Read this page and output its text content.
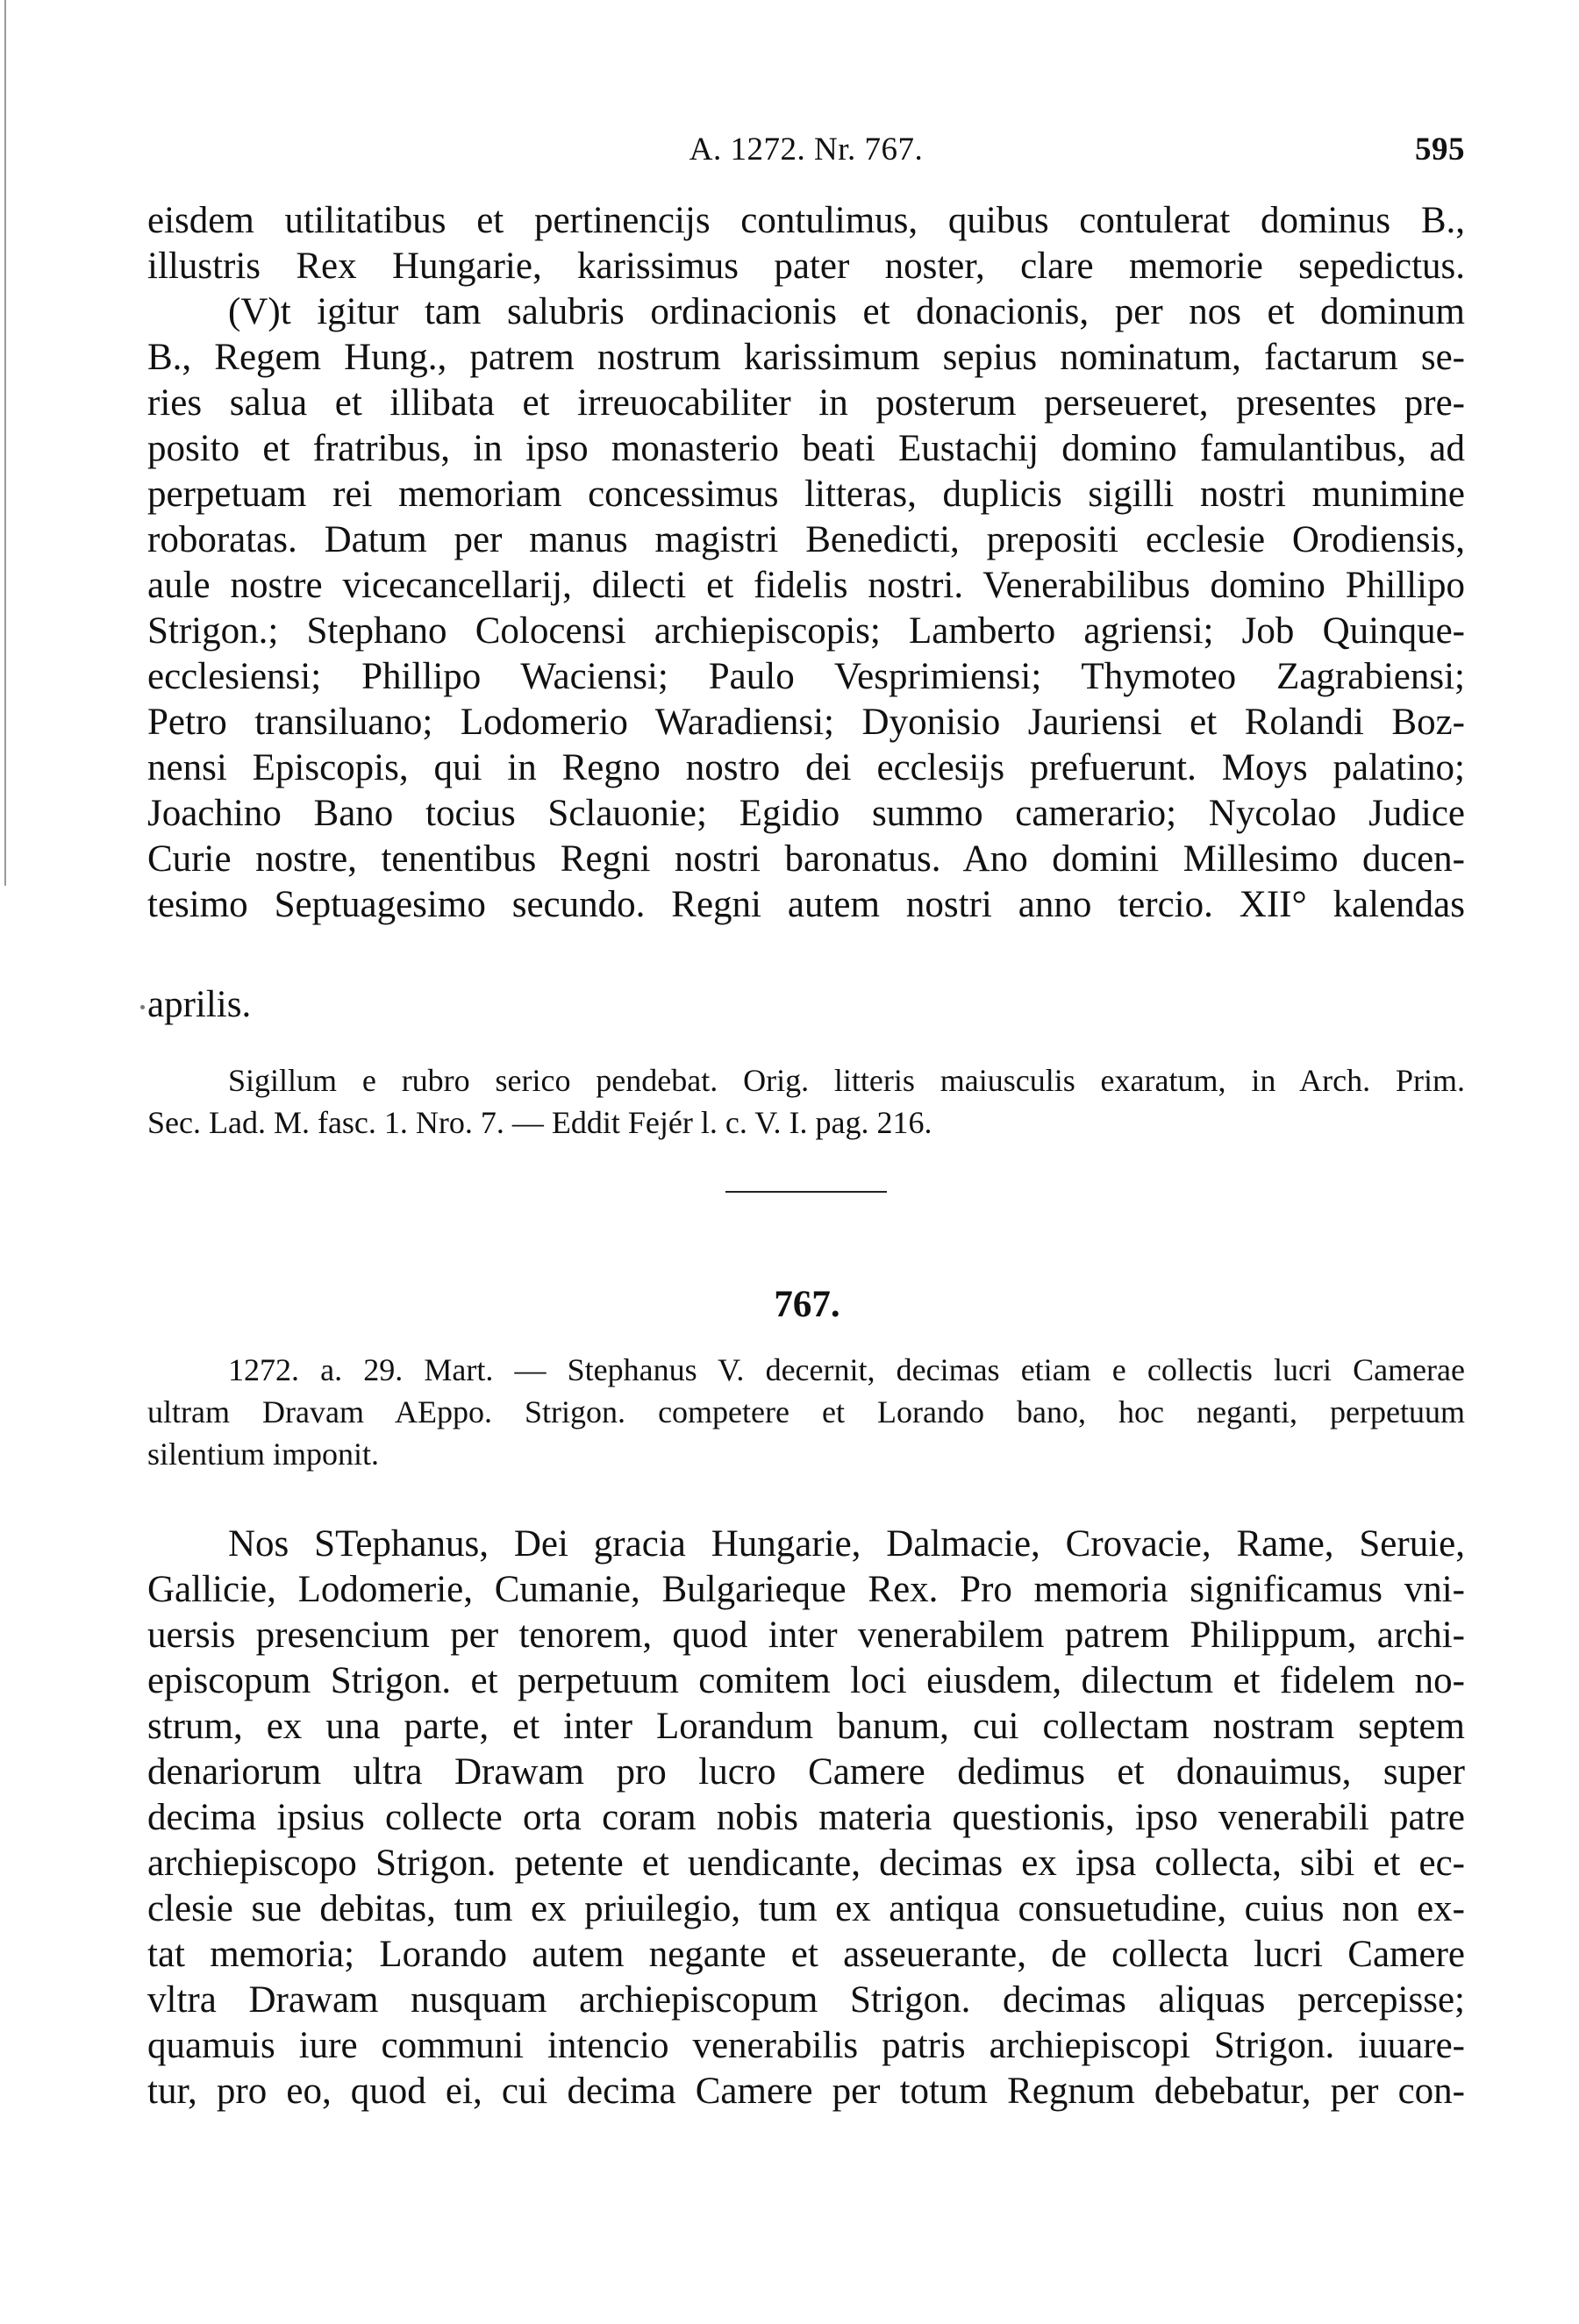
A. 1272. Nr. 767.	595
eisdem utilitatibus et pertinencijs contulimus, quibus contulerat dominus B.,
illustris Rex Hungarie, karissimus pater noster, clare memorie sepedictus.
(V)t igitur tam salubris ordinacionis et donacionis, per nos et dominum
B., Regem Hung., patrem nostrum karissimum sepius nominatum, factarum se-
ries salua et illibata et irreuocabiliter in posterum perseueret, presentes pre-
posito et fratribus, in ipso monasterio beati Eustachij domino famulantibus, ad
perpetuam rei memoriam concessimus litteras, duplicis sigilli nostri munimine
roboratas. Datum per manus magistri Benedicti, prepositi ecclesie Orodiensis,
aule nostre vicecancellarij, dilecti et fidelis nostri. Venerabilibus domino Phillipo
Strigon.; Stephano Colocensi archiepiscopis; Lamberto agriensi; Job Quinque-
ecclesiensi; Phillipo Waciensi; Paulo Vesprimiensi; Thymoteo Zagrabiensi;
Petro transiluano; Lodomerio Waradiensi; Dyonisio Jauriensi et Rolandi Boz-
nensi Episcopis, qui in Regno nostro dei ecclesijs prefuerunt. Moys palatino;
Joachino Bano tocius Sclauonie; Egidio summo camerario; Nycolao Judice
Curie nostre, tenentibus Regni nostri baronatus. Ano domini Millesimo ducen-
tesimo Septuagesimo secundo. Regni autem nostri anno tercio. XII° kalendas
aprilis.
Sigillum e rubro serico pendebat. Orig. litteris maiusculis exaratum, in Arch. Prim.
Sec. Lad. M. fasc. 1. Nro. 7. — Eddit Fejér l. c. V. I. pag. 216.
767.
1272. a. 29. Mart. — Stephanus V. decernit, decimas etiam e collectis lucri Camerae
ultram Dravam AEppo. Strigon. competere et Lorando bano, hoc neganti, perpetuum
silentium imponit.
Nos STephanus, Dei gracia Hungarie, Dalmacie, Crovacie, Rame, Seruie,
Gallicie, Lodomerie, Cumanie, Bulgarieque Rex. Pro memoria significamus vni-
uersis presencium per tenorem, quod inter venerabilem patrem Philippum, archi-
episcopum Strigon. et perpetuum comitem loci eiusdem, dilectum et fidelem no-
strum, ex una parte, et inter Lorandum banum, cui collectam nostram septem
denariorum ultra Drawam pro lucro Camere dedimus et donauimus, super
decima ipsius collecte orta coram nobis materia questionis, ipso venerabili patre
archiepiscopo Strigon. petente et uendicante, decimas ex ipsa collecta, sibi et ec-
clesie sue debitas, tum ex priuilegio, tum ex antiqua consuetudine, cuius non ex-
tat memoria; Lorando autem negante et asseuerante, de collecta lucri Camere
vltra Drawam nusquam archiepiscopum Strigon. decimas aliquas percepisse;
quamuis iure communi intencio venerabilis patris archiepiscopi Strigon. iuuare-
tur, pro eo, quod ei, cui decima Camere per totum Regnum debebatur, per con-
